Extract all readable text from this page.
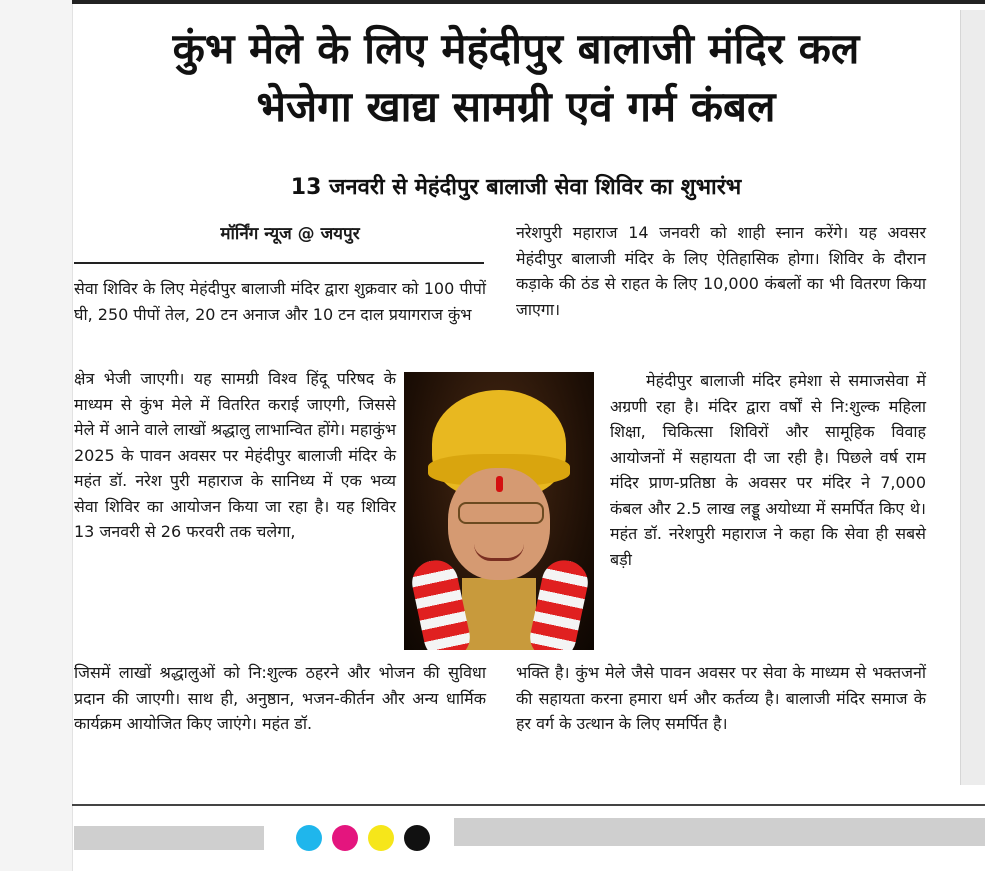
कुंभ मेले के लिए मेहंदीपुर बालाजी मंदिर कल
भेजेगा खाद्य सामग्री एवं गर्म कंबल
13 जनवरी से मेहंदीपुर बालाजी सेवा शिविर का शुभारंभ
मॉर्निंग न्यूज @ जयपुर

सेवा शिविर के लिए मेहंदीपुर बालाजी मंदिर द्वारा शुक्रवार को 100 पीपों घी, 250 पीपों तेल, 20 टन अनाज और 10 टन दाल प्रयागराज कुंभ

क्षेत्र भेजी जाएगी। यह सामग्री विश्व हिंदू परिषद के माध्यम से कुंभ मेले में वितरित कराई जाएगी, जिससे मेले में आने वाले लाखों श्रद्धालु लाभान्वित होंगे। महाकुंभ 2025 के पावन अवसर पर मेहंदीपुर बालाजी मंदिर के महंत डॉ. नरेश पुरी महाराज के सानिध्य में एक भव्य सेवा शिविर का आयोजन किया जा रहा है। यह शिविर 13 जनवरी से 26 फरवरी तक चलेगा,

जिसमें लाखों श्रद्धालुओं को नि:शुल्क ठहरने और भोजन की सुविधा प्रदान की जाएगी। साथ ही, अनुष्ठान, भजन-कीर्तन और अन्य धार्मिक कार्यक्रम आयोजित किए जाएंगे। महंत डॉ.

नरेशपुरी महाराज 14 जनवरी को शाही स्नान करेंगे। यह अवसर मेहंदीपुर बालाजी मंदिर के लिए ऐतिहासिक होगा। शिविर के दौरान कड़ाके की ठंड से राहत के लिए 10,000 कंबलों का भी वितरण किया जाएगा।

मेहंदीपुर बालाजी मंदिर हमेशा से समाजसेवा में अग्रणी रहा है। मंदिर द्वारा वर्षों से नि:शुल्क महिला शिक्षा, चिकित्सा शिविरों और सामूहिक विवाह आयोजनों में सहायता दी जा रही है। पिछले वर्ष राम मंदिर प्राण-प्रतिष्ठा के अवसर पर मंदिर ने 7,000 कंबल और 2.5 लाख लड्डू अयोध्या में समर्पित किए थे। महंत डॉ. नरेशपुरी महाराज ने कहा कि सेवा ही सबसे बड़ी

भक्ति है। कुंभ मेले जैसे पावन अवसर पर सेवा के माध्यम से भक्तजनों की सहायता करना हमारा धर्म और कर्तव्य है। बालाजी मंदिर समाज के हर वर्ग के उत्थान के लिए समर्पित है।
